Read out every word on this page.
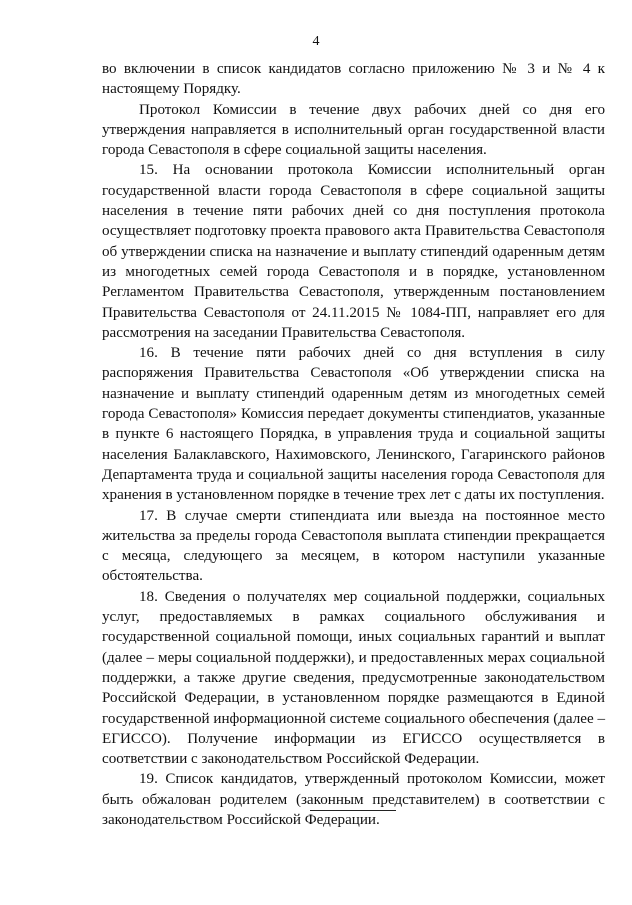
4

во включении в список кандидатов согласно приложению № 3 и № 4 к настоящему Порядку.

Протокол Комиссии в течение двух рабочих дней со дня его утверждения направляется в исполнительный орган государственной власти города Севастополя в сфере социальной защиты населения.

15. На основании протокола Комиссии исполнительный орган государственной власти города Севастополя в сфере социальной защиты населения в течение пяти рабочих дней со дня поступления протокола осуществляет подготовку проекта правового акта Правительства Севастополя об утверждении списка на назначение и выплату стипендий одаренным детям из многодетных семей города Севастополя и в порядке, установленном Регламентом Правительства Севастополя, утвержденным постановлением Правительства Севастополя от 24.11.2015 № 1084-ПП, направляет его для рассмотрения на заседании Правительства Севастополя.

16. В течение пяти рабочих дней со дня вступления в силу распоряжения Правительства Севастополя «Об утверждении списка на назначение и выплату стипендий одаренным детям из многодетных семей города Севастополя» Комиссия передает документы стипендиатов, указанные в пункте 6 настоящего Порядка, в управления труда и социальной защиты населения Балаклавского, Нахимовского, Ленинского, Гагаринского районов Департамента труда и социальной защиты населения города Севастополя для хранения в установленном порядке в течение трех лет с даты их поступления.

17. В случае смерти стипендиата или выезда на постоянное место жительства за пределы города Севастополя выплата стипендии прекращается с месяца, следующего за месяцем, в котором наступили указанные обстоятельства.

18. Сведения о получателях мер социальной поддержки, социальных услуг, предоставляемых в рамках социального обслуживания и государственной социальной помощи, иных социальных гарантий и выплат (далее – меры социальной поддержки), и предоставленных мерах социальной поддержки, а также другие сведения, предусмотренные законодательством Российской Федерации, в установленном порядке размещаются в Единой государственной информационной системе социального обеспечения (далее – ЕГИССО). Получение информации из ЕГИССО осуществляется в соответствии с законодательством Российской Федерации.

19. Список кандидатов, утвержденный протоколом Комиссии, может быть обжалован родителем (законным представителем) в соответствии с законодательством Российской Федерации.
